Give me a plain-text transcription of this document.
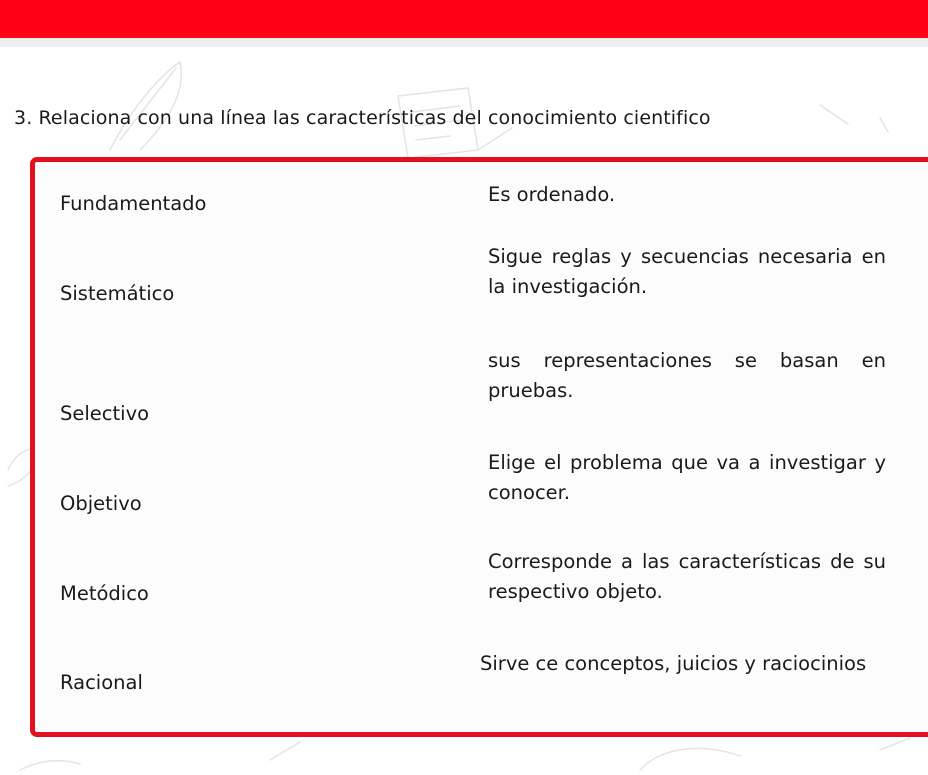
3. Relaciona con una línea las características del conocimiento cientifico

Fundamentado
Sistemático
Selectivo
Objetivo
Metódico
Racional
Es ordenado.
Sigue reglas y secuencias necesaria en la investigación.
sus representaciones se basan en pruebas.
Elige el problema que va a investigar y conocer.
Corresponde a las características de su respectivo objeto.
Sirve ce conceptos, juicios y raciocinios
